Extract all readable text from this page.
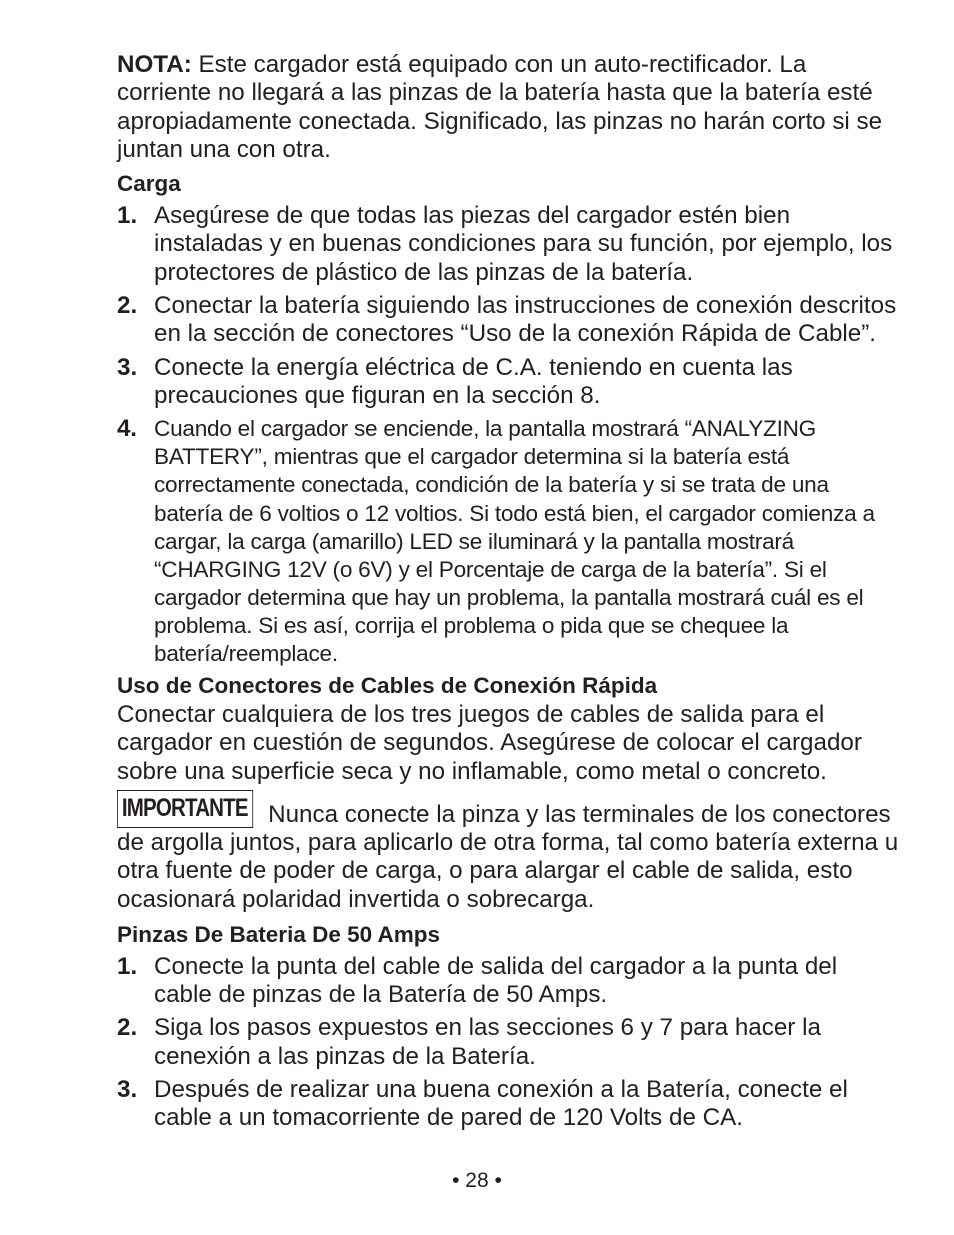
NOTA: Este cargador está equipado con un auto-rectificador. La corriente no llegará a las pinzas de la batería hasta que la batería esté apropiadamente conectada. Significado, las pinzas no harán corto si se juntan una con otra.

Carga

1. Asegúrese de que todas las piezas del cargador estén bien instaladas y en buenas condiciones para su función, por ejemplo, los protectores de plástico de las pinzas de la batería.
2. Conectar la batería siguiendo las instrucciones de conexión descritos en la sección de conectores “Uso de la conexión Rápida de Cable”.
3. Conecte la energía eléctrica de C.A. teniendo en cuenta las precauciones que figuran en la sección 8.
4. Cuando el cargador se enciende, la pantalla mostrará “ANALYZING BATTERY”, mientras que el cargador determina si la batería está correctamente conectada, condición de la batería y si se trata de una batería de 6 voltios o 12 voltios. Si todo está bien, el cargador comienza a cargar, la carga (amarillo) LED se iluminará y la pantalla mostrará “CHARGING 12V (o 6V) y el Porcentaje de carga de la batería”. Si el cargador determina que hay un problema, la pantalla mostrará cuál es el problema. Si es así, corrija el problema o pida que se chequee la batería/reemplace.

Uso de Conectores de Cables de Conexión Rápida

Conectar cualquiera de los tres juegos de cables de salida para el cargador en cuestión de segundos. Asegúrese de colocar el cargador sobre una superficie seca y no inflamable, como metal o concreto.

IMPORTANTE Nunca conecte la pinza y las terminales de los conectores de argolla juntos, para aplicarlo de otra forma, tal como batería externa u otra fuente de poder de carga, o para alargar el cable de salida, esto ocasionará polaridad invertida o sobrecarga.

Pinzas De Bateria De 50 Amps

1. Conecte la punta del cable de salida del cargador a la punta del cable de pinzas de la Batería de 50 Amps.
2. Siga los pasos expuestos en las secciones 6 y 7 para hacer la cenexión a las pinzas de la Batería.
3. Después de realizar una buena conexión a la Batería, conecte el cable a un tomacorriente de pared de 120 Volts de CA.
• 28 •
